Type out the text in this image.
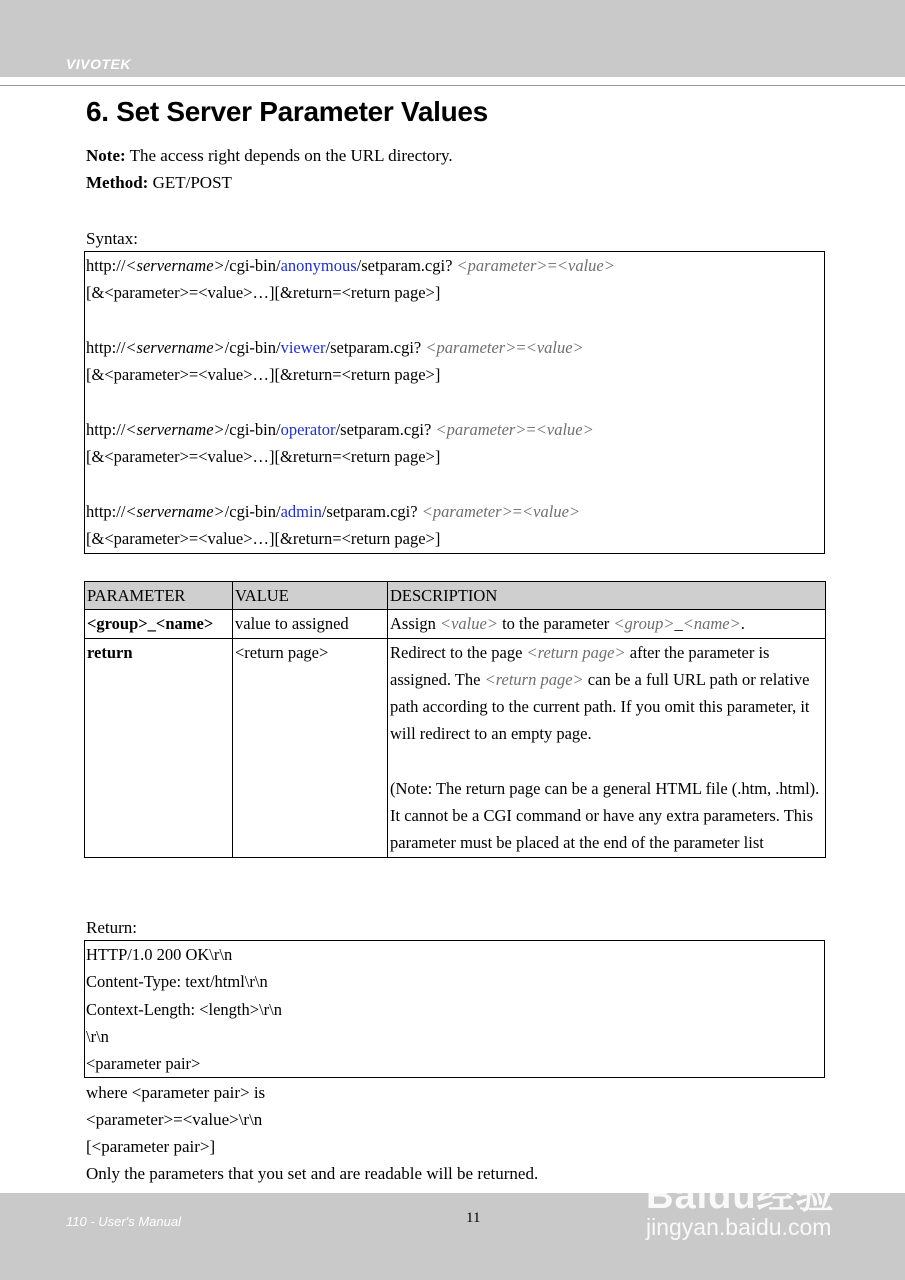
VIVOTEK
6. Set Server Parameter Values
Note: The access right depends on the URL directory.
Method: GET/POST
Syntax:
http://<servername>/cgi-bin/anonymous/setparam.cgi? <parameter>=<value>
[&<parameter>=<value>…][&return=<return page>]
http://<servername>/cgi-bin/viewer/setparam.cgi? <parameter>=<value>
[&<parameter>=<value>…][&return=<return page>]
http://<servername>/cgi-bin/operator/setparam.cgi? <parameter>=<value>
[&<parameter>=<value>…][&return=<return page>]
http://<servername>/cgi-bin/admin/setparam.cgi? <parameter>=<value>
[&<parameter>=<value>…][&return=<return page>]
PARAMETER	VALUE	DESCRIPTION
<group>_<name>	value to assigned	Assign <value> to the parameter <group>_<name>.
return	<return page>	Redirect to the page <return page> after the parameter is assigned. The <return page> can be a full URL path or relative path according to the current path. If you omit this parameter, it will redirect to an empty page.

(Note: The return page can be a general HTML file (.htm, .html). It cannot be a CGI command or have any extra parameters. This parameter must be placed at the end of the parameter list

Return:
HTTP/1.0 200 OK\r\n
Content-Type: text/html\r\n
Context-Length: <length>\r\n
\r\n
<parameter pair>
where <parameter pair> is
<parameter>=<value>\r\n
[<parameter pair>]
Only the parameters that you set and are readable will be returned.
110 - User's Manual	11
Baidu经验
jingyan.baidu.com
